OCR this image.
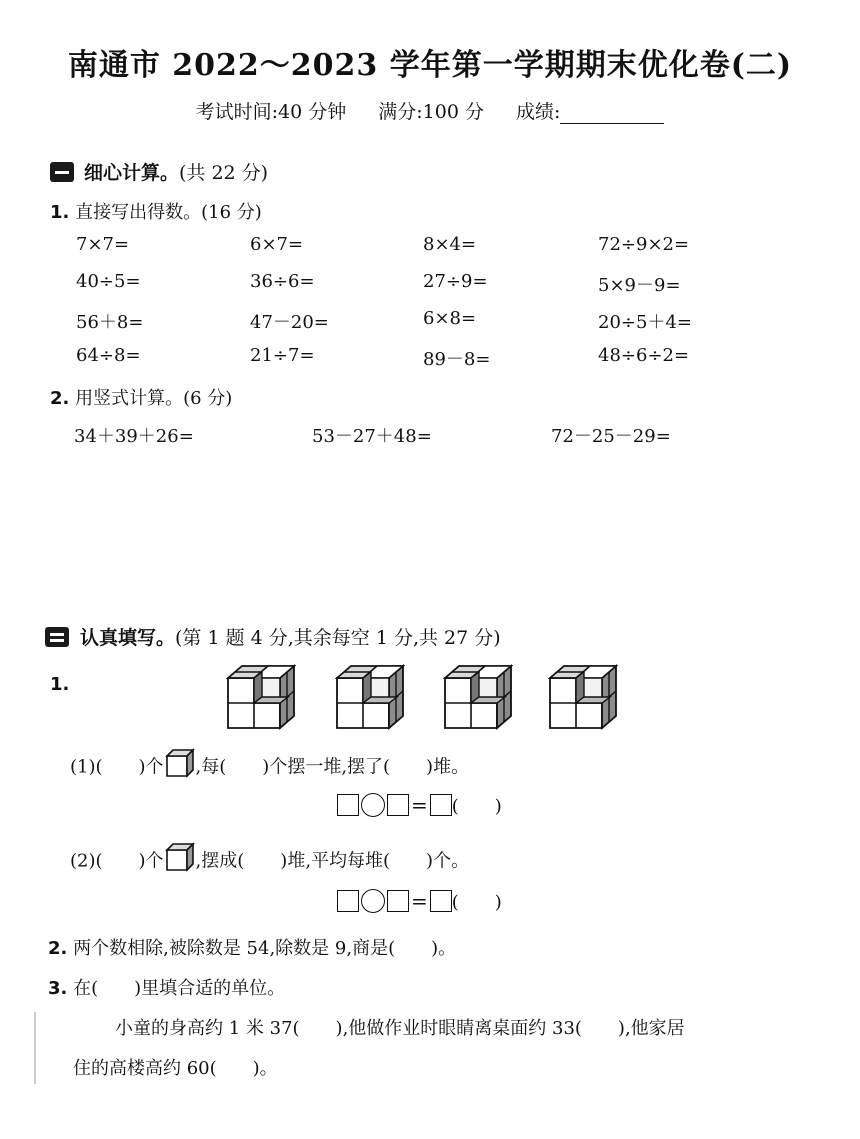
南通市 2022～2023 学年第一学期期末优化卷(二)
考试时间:40 分钟 满分:100 分 成绩:
细心计算。(共 22 分)
1. 直接写出得数。(16 分)
7×7=	6×7=	8×4=	72÷9×2=
40÷5=	36÷6=	27÷9=	5×9－9=
56＋8=	47－20=	6×8=	20÷5＋4=
64÷8=	21÷7=	89－8=	48÷6÷2=
2. 用竖式计算。(6 分)
34＋39＋26=	53－27＋48=	72－25－29=
认真填写。(第 1 题 4 分,其余每空 1 分,共 27 分)
1.
(1)(　　)个 ,每(　　)个摆一堆,摆了(　　)堆。
= (　　)
(2)(　　)个 ,摆成(　　)堆,平均每堆(　　)个。
= (　　)
2. 两个数相除,被除数是 54,除数是 9,商是(　　)。
3. 在(　　)里填合适的单位。
小童的身高约 1 米 37(　　),他做作业时眼睛离桌面约 33(　　),他家居
住的高楼高约 60(　　)。
